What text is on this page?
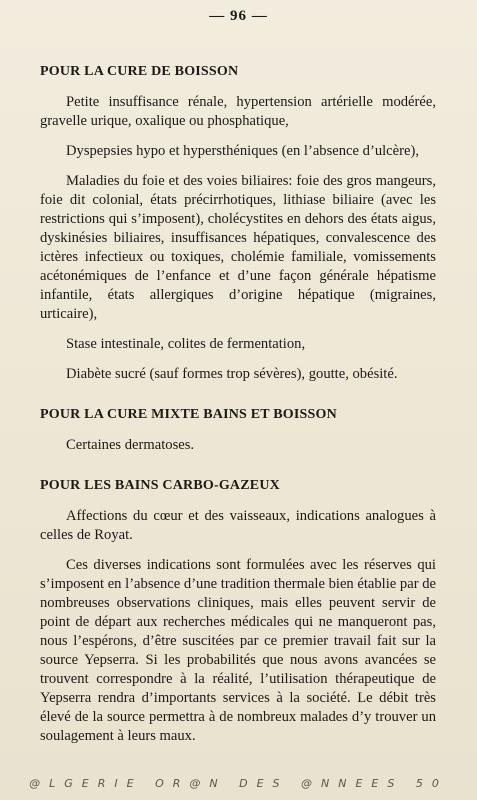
— 96 —
POUR LA CURE DE BOISSON

Petite insuffisance rénale, hypertension artérielle modérée, gravelle urique, oxalique ou phosphatique,

Dyspepsies hypo et hypersthéniques (en l’absence d’ulcère),

Maladies du foie et des voies biliaires: foie des gros mangeurs, foie dit colonial, états précirrhotiques, lithiase biliaire (avec les restrictions qui s’imposent), cholécystites en dehors des états aigus, dyskinésies biliaires, insuffisances hépatiques, convalescence des ictères infectieux ou toxiques, cholémie familiale, vomissements acétonémiques de l’enfance et d’une façon générale hépatisme infantile, états allergiques d’origine hépatique (migraines, urticaire),

Stase intestinale, colites de fermentation,

Diabète sucré (sauf formes trop sévères), goutte, obésité.

POUR LA CURE MIXTE BAINS ET BOISSON

Certaines dermatoses.

POUR LES BAINS CARBO-GAZEUX

Affections du cœur et des vaisseaux, indications analogues à celles de Royat.

Ces diverses indications sont formulées avec les réserves qui s’imposent en l’absence d’une tradition thermale bien établie par de nombreuses observations cliniques, mais elles peuvent servir de point de départ aux recherches médicales qui ne manqueront pas, nous l’espérons, d’être suscitées par ce premier travail fait sur la source Yepserra. Si les probabilités que nous avons avancées se trouvent correspondre à la réalité, l’utilisation thérapeutique de Yepserra rendra d’importants services à la société. Le débit très élevé de la source permettra à de nombreux malades d’y trouver un soulagement à leurs maux.

@LGERIE OR@N DES @NNEES 50
